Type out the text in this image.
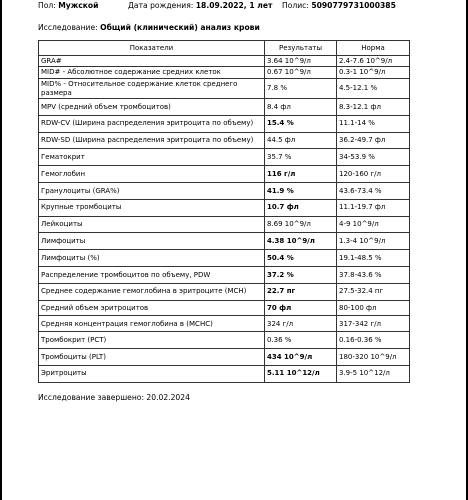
Пол: Мужской	Дата рождения: 18.09.2022, 1 лет Полис: 5090779731000385
Исследование: Общий (клинический) анализ крови
Показатели	Результаты	Норма
GRA#	3.64 10^9/л	2.4-7.6 10^9/л
MID# - Абсолютное содержание средних клеток	0.67 10^9/л	0.3-1 10^9/л
MID% - Относительное содержание клеток среднего размера	7.8 %	4.5-12.1 %
MPV (средний объем тромбоцитов)	8.4 фл	8.3-12.1 фл
RDW-CV (Ширина распределения эритроцита по объему)	15.4 %	11.1-14 %
RDW-SD (Ширина распределения эритроцита по объему)	44.5 фл	36.2-49.7 фл
Гематокрит	35.7 %	34-53.9 %
Гемоглобин	116 г/л	120-160 г/л
Гранулоциты (GRA%)	41.9 %	43.6-73.4 %
Крупные тромбоциты	10.7 фл	11.1-19.7 фл
Лейкоциты	8.69 10^9/л	4-9 10^9/л
Лимфоциты	4.38 10^9/л	1.3-4 10^9/л
Лимфоциты (%)	50.4 %	19.1-48.5 %
Распределение тромбоцитов по объему, PDW	37.2 %	37.8-43.6 %
Среднее содержание гемоглобина в эритроците (MCH)	22.7 пг	27.5-32.4 пг
Средний объем эритроцитов	70 фл	80-100 фл
Средняя концентрация гемоглобина в (MCHC)	324 г/л	317-342 г/л
Тромбокрит (PCT)	0.36 %	0.16-0.36 %
Тромбоциты (PLT)	434 10^9/л	180-320 10^9/л
Эритроциты	5.11 10^12/л	3.9-5 10^12/л
Исследование завершено: 20.02.2024
